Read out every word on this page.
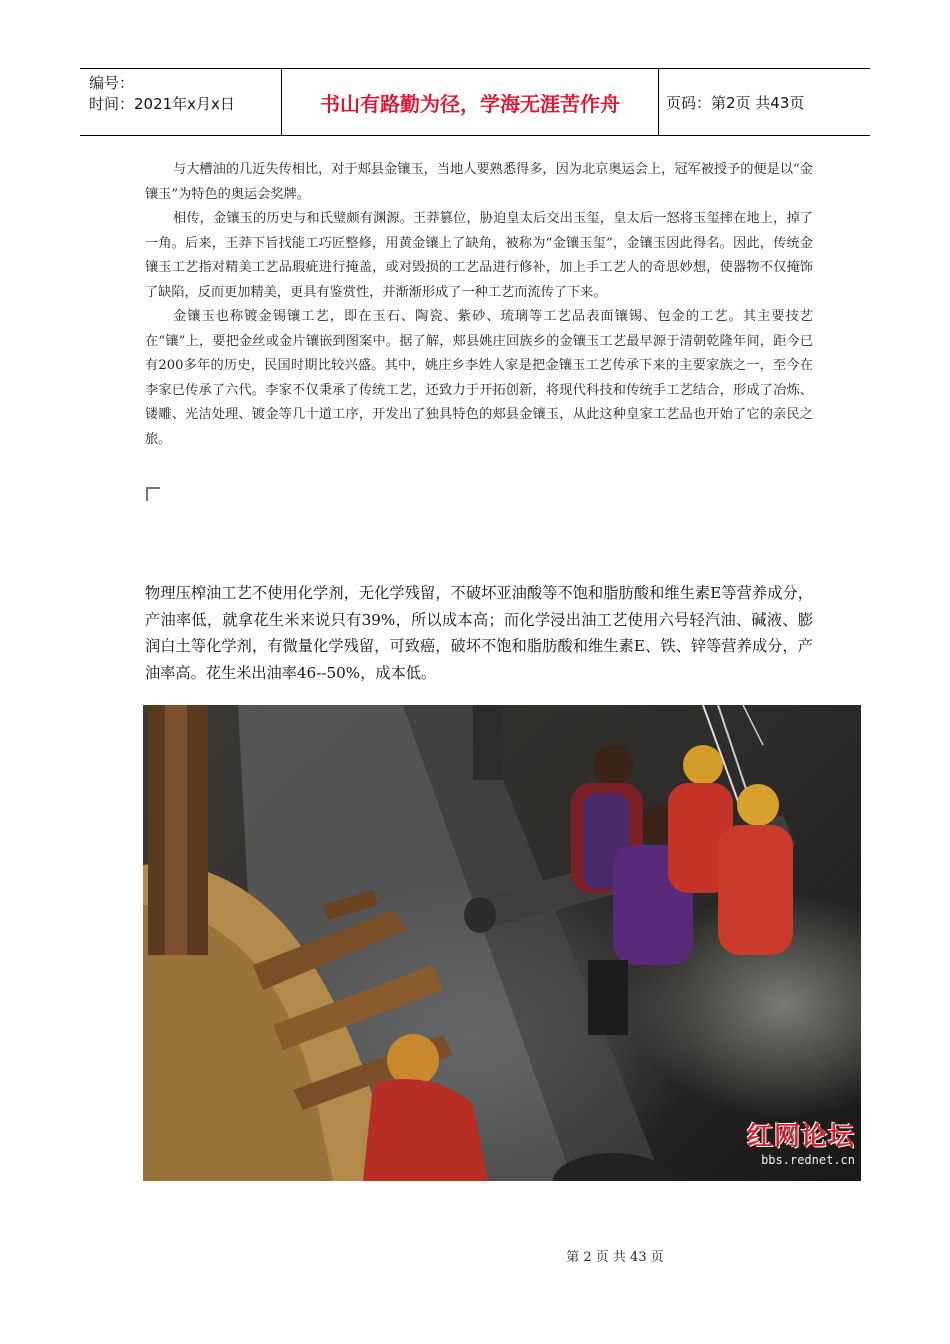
编号：
时间：2021年x月x日	书山有路勤为径，学海无涯苦作舟	页码：第2页 共43页

与大槽油的几近失传相比，对于郏县金镶玉，当地人要熟悉得多，因为北京奥运会上，冠军被授予的便是以“金镶玉”为特色的奥运会奖牌。

相传，金镶玉的历史与和氏璧颇有渊源。王莽篡位，胁迫皇太后交出玉玺，皇太后一怒将玉玺摔在地上，掉了一角。后来，王莽下旨找能工巧匠整修，用黄金镶上了缺角，被称为“金镶玉玺”，金镶玉因此得名。因此，传统金镶玉工艺指对精美工艺品瑕疵进行掩盖，或对毁损的工艺品进行修补，加上手工艺人的奇思妙想，使器物不仅掩饰了缺陷，反而更加精美，更具有鉴赏性，并渐渐形成了一种工艺而流传了下来。

金镶玉也称镀金锡镶工艺，即在玉石、陶瓷、紫砂、琉璃等工艺品表面镶锡、包金的工艺。其主要技艺在“镶”上，要把金丝或金片镶嵌到图案中。据了解，郏县姚庄回族乡的金镶玉工艺最早源于清朝乾隆年间，距今已有200多年的历史，民国时期比较兴盛。其中，姚庄乡李姓人家是把金镶玉工艺传承下来的主要家族之一，至今在李家已传承了六代。李家不仅秉承了传统工艺，还致力于开拓创新，将现代科技和传统手工艺结合，形成了冶炼、镂雕、光洁处理、镀金等几十道工序，开发出了独具特色的郏县金镶玉，从此这种皇家工艺品也开始了它的亲民之旅。

物理压榨油工艺不使用化学剂，无化学残留，不破坏亚油酸等不饱和脂肪酸和维生素E等营养成分，产油率低，就拿花生米来说只有39%，所以成本高；而化学浸出油工艺使用六号轻汽油、碱液、膨润白土等化学剂，有微量化学残留，可致癌，破坏不饱和脂肪酸和维生素E、铁、锌等营养成分，产油率高。花生米出油率46--50%，成本低。

红网论坛
bbs.rednet.cn
第 2 页 共 43 页
